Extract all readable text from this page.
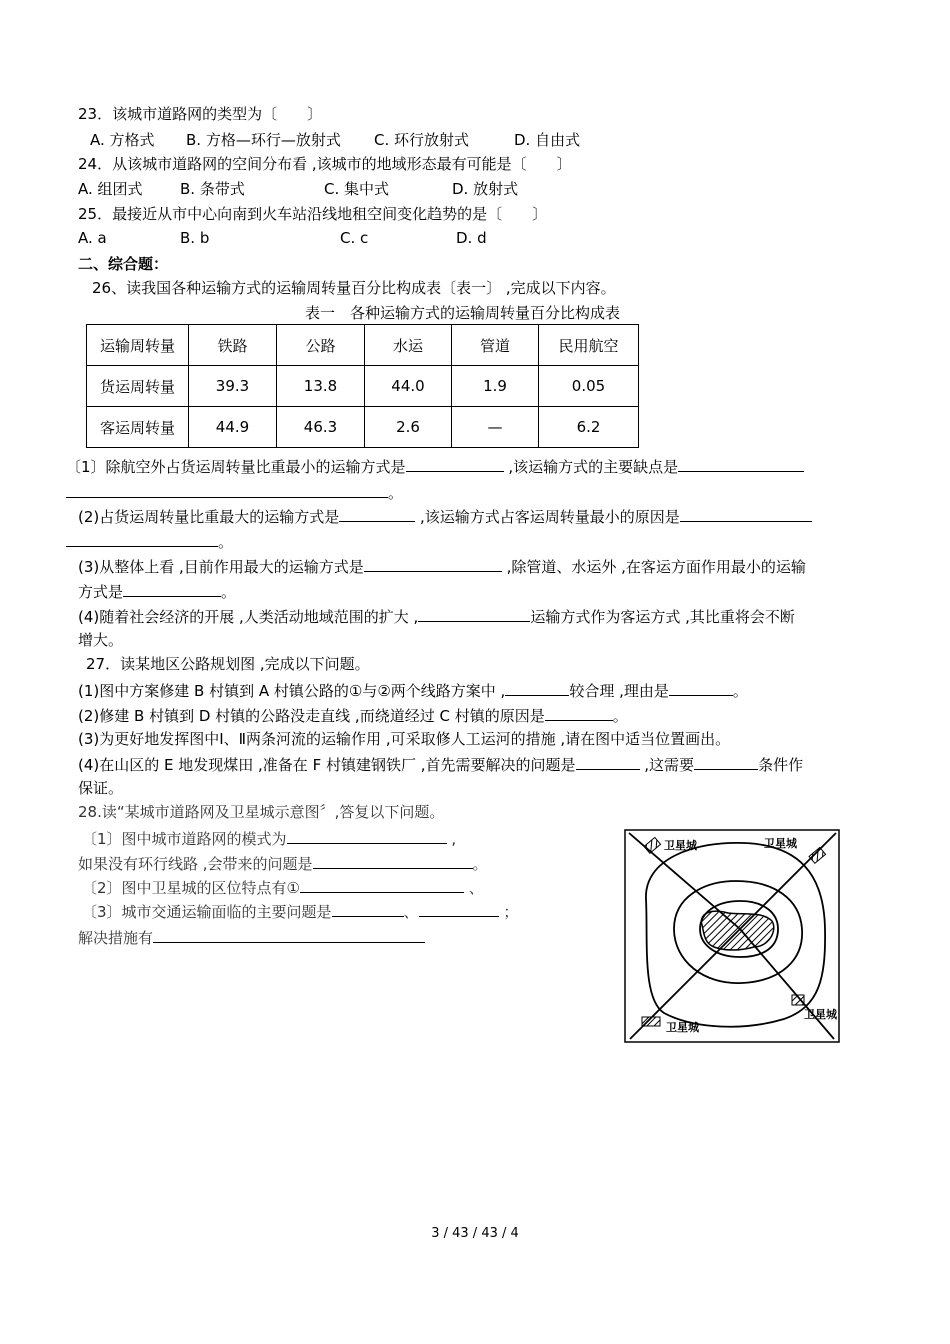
23．该城市道路网的类型为〔　　〕
A. 方格式 B. 方格—环行—放射式 C. 环行放射式	D. 自由式
24．从该城市道路网的空间分布看 ,该城市的地域形态最有可能是〔　　〕
A. 组团式 B. 条带式	C. 集中式	D. 放射式
25．最接近从市中心向南到火车站沿线地租空间变化趋势的是〔　　〕
A. a	B. b	C. c	D. d
二、综合题：
26、读我国各种运输方式的运输周转量百分比构成表〔表一〕 ,完成以下内容。
表一　各种运输方式的运输周转量百分比构成表
运输周转量	铁路	公路	水运	管道	民用航空
货运周转量	39.3	13.8	44.0	1.9	0.05
客运周转量	44.9	46.3	2.6	—	6.2
〔1〕除航空外占货运周转量比重最小的运输方式是	,该运输方式的主要缺点是
。
(2)占货运周转量比重最大的运输方式是	,该运输方式占客运周转量最小的原因是
。
(3)从整体上看 ,目前作用最大的运输方式是	,除管道、水运外 ,在客运方面作用最小的运输
方式是	。
(4)随着社会经济的开展 ,人类活动地域范围的扩大 ,	运输方式作为客运方式 ,其比重将会不断
增大。
27．读某地区公路规划图 ,完成以下问题。
(1)图中方案修建 B 村镇到 A 村镇公路的①与②两个线路方案中 ,	较合理 ,理由是	。
(2)修建 B 村镇到 D 村镇的公路没走直线 ,而绕道经过 C 村镇的原因是	。
(3)为更好地发挥图中Ⅰ、Ⅱ两条河流的运输作用 ,可采取修人工运河的措施 ,请在图中适当位置画出。
(4)在山区的 E 地发现煤田 ,准备在 F 村镇建钢铁厂 ,首先需要解决的问题是	,这需要	条件作
保证。
28.读“某城市道路网及卫星城示意图〞,答复以下问题。
〔1〕图中城市道路网的模式为	,
如果没有环行线路 ,会带来的问题是	。
〔2〕图中卫星城的区位特点有①	、
〔3〕城市交通运输面临的主要问题是	、	；
解决措施有
卫星城	卫星城
卫星城
卫星城
3 / 43 / 43 / 4
